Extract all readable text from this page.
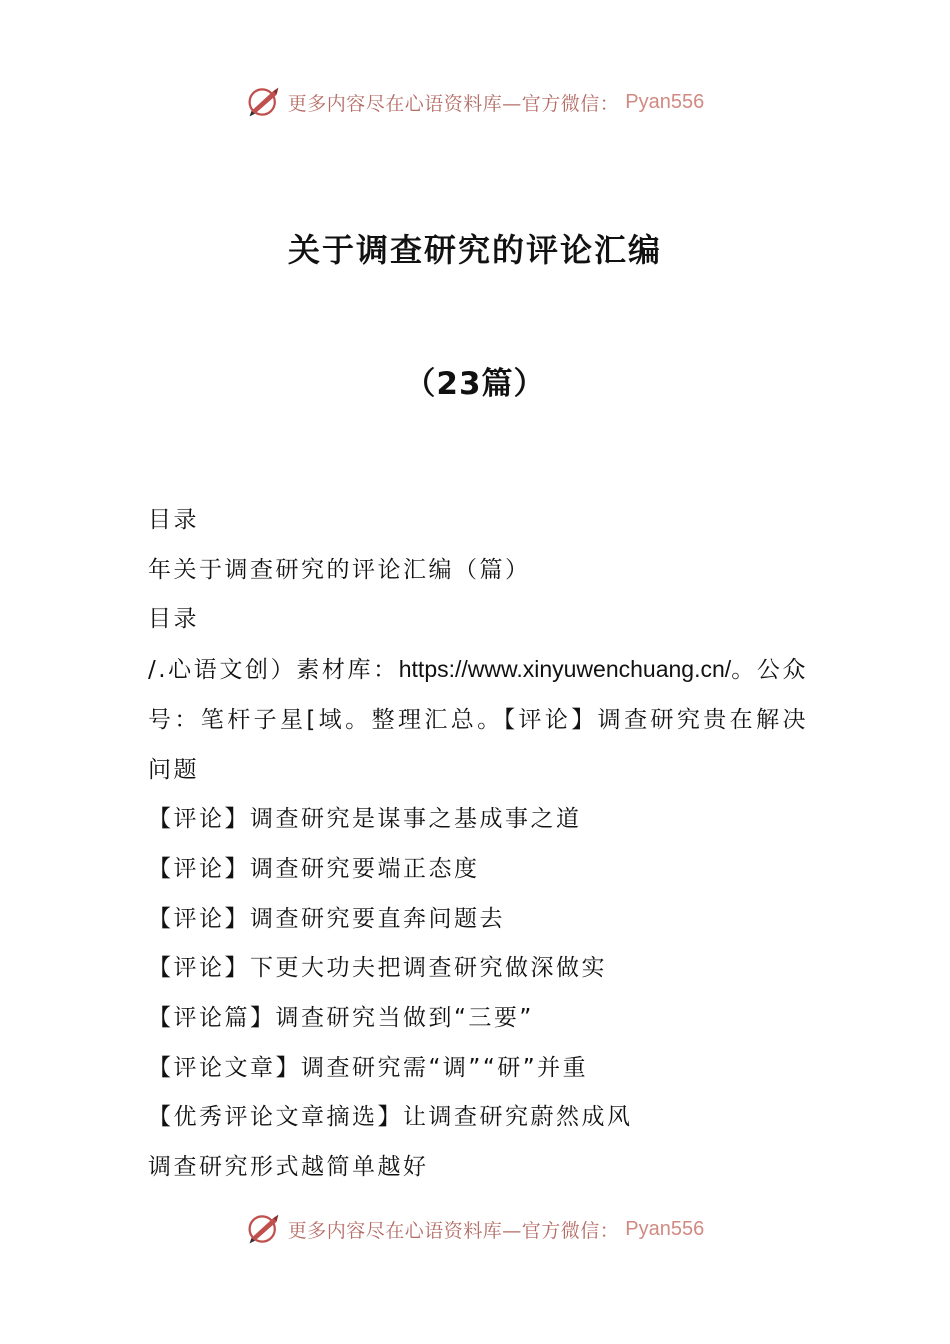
更多内容尽在心语资料库—官方微信： Pyan556
关于调查研究的评论汇编
（23篇）
目录
年关于调查研究的评论汇编（篇）
目录
/.心语文创）素材库：https://www.xinyuwenchuang.cn/。公众号：笔杆子星[域。整理汇总。【评论】调查研究贵在解决问题
【评论】调查研究是谋事之基成事之道
【评论】调查研究要端正态度
【评论】调查研究要直奔问题去
【评论】下更大功夫把调查研究做深做实
【评论篇】调查研究当做到“三要”
【评论文章】调查研究需“调”“研”并重
【优秀评论文章摘选】让调查研究蔚然成风
调查研究形式越简单越好
更多内容尽在心语资料库—官方微信： Pyan556
